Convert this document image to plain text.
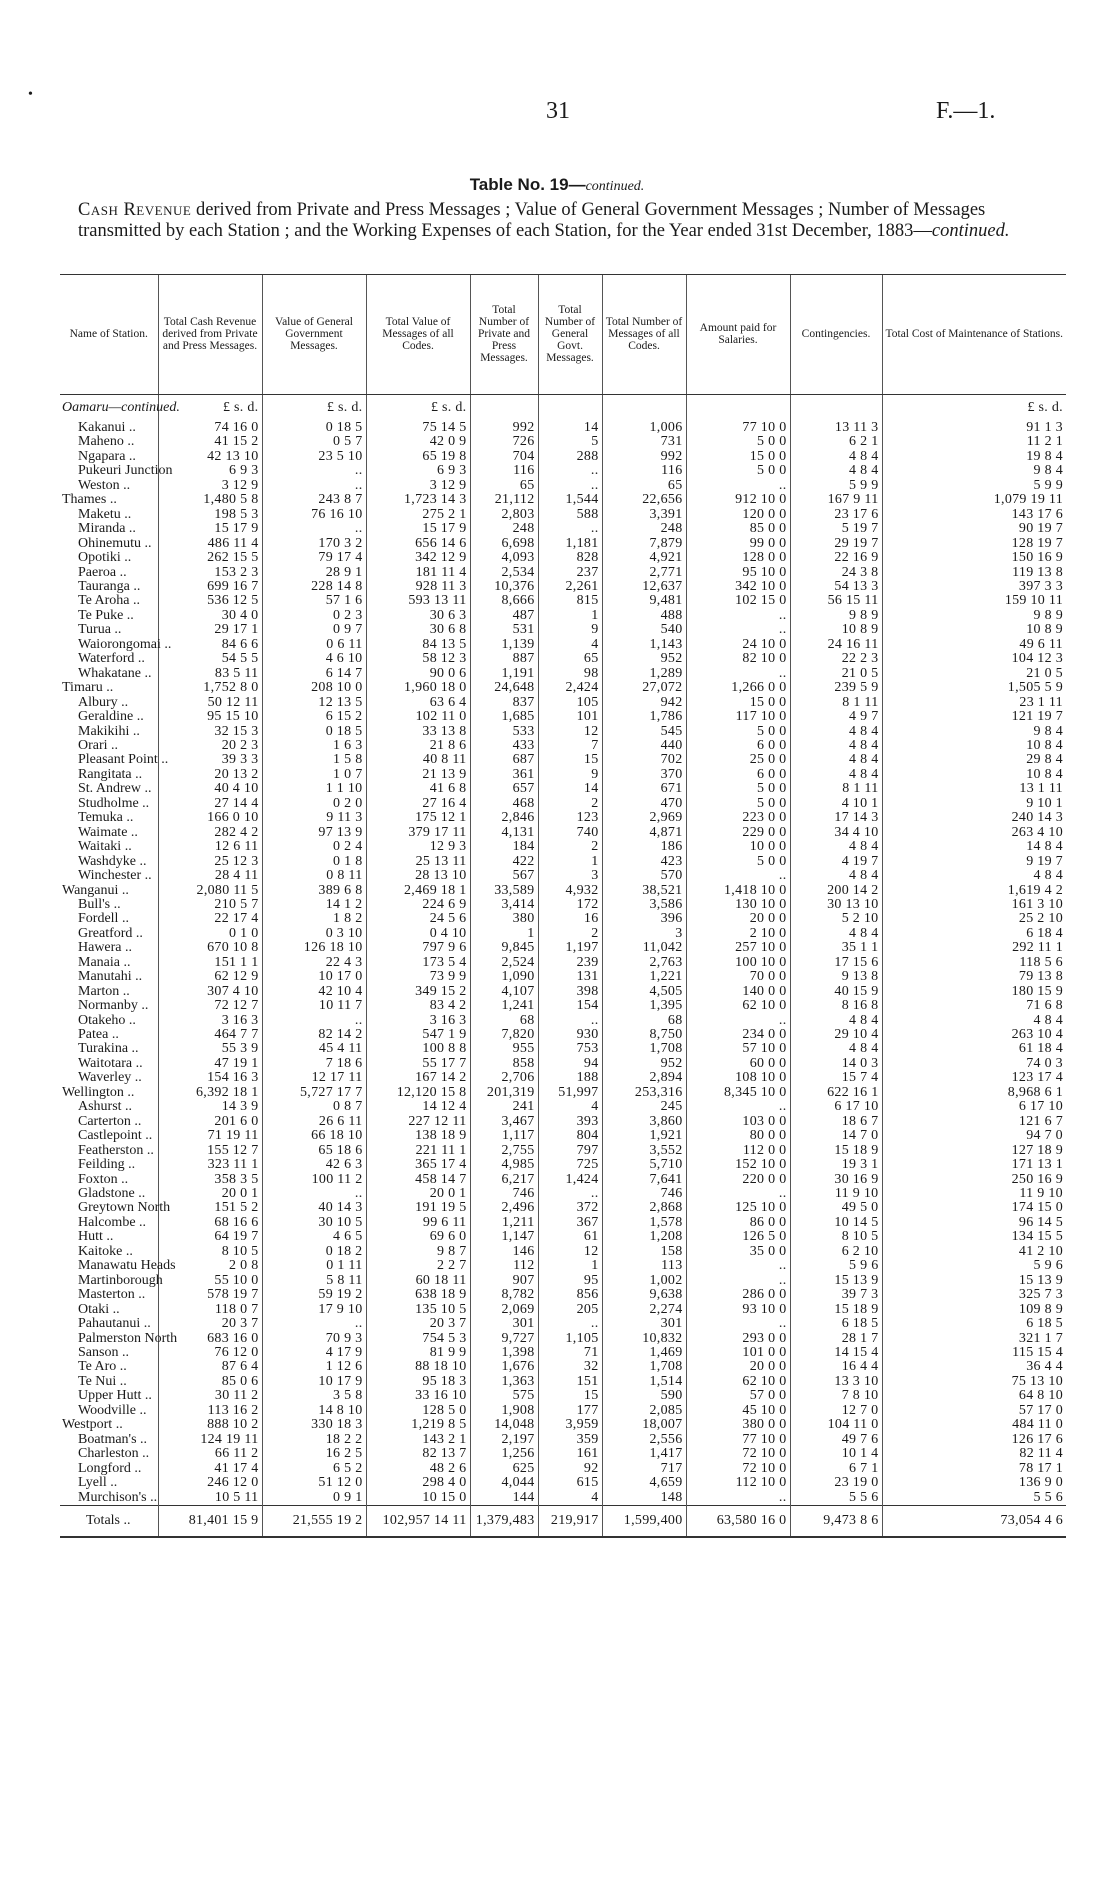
•
31	F.—1.
Table No. 19—continued.
Cash Revenue derived from Private and Press Messages ; Value of General Government Messages ; Number of Messages transmitted by each Station ; and the Working Expenses of each Station, for the Year ended 31st December, 1883—continued.
Name of Station.	Total Cash Revenue derived from Private and Press Messages.	Value of General Government Messages.	Total Value of Messages of all Codes.	Total Number of Private and Press Messages.	Total Number of General Govt. Messages.	Total Number of Messages of all Codes.	Amount paid for Salaries.	Contingencies.	Total Cost of Maintenance of Stations.
Oamaru—continued.	£ s. d.	£ s. d.	£ s. d.						£ s. d.
Kakanui ..	74 16 0	0 18 5	75 14 5	992	14	1,006	77 10 0	13 11 3	91 1 3
Maheno ..	41 15 2	0 5 7	42 0 9	726	5	731	5 0 0	6 2 1	11 2 1
Ngapara ..	42 13 10	23 5 10	65 19 8	704	288	992	15 0 0	4 8 4	19 8 4
Pukeuri Junction	6 9 3	..	6 9 3	116	..	116	5 0 0	4 8 4	9 8 4
Weston ..	3 12 9	..	3 12 9	65	..	65	..	5 9 9	5 9 9
Thames ..	1,480 5 8	243 8 7	1,723 14 3	21,112	1,544	22,656	912 10 0	167 9 11	1,079 19 11
Maketu ..	198 5 3	76 16 10	275 2 1	2,803	588	3,391	120 0 0	23 17 6	143 17 6
Miranda ..	15 17 9	..	15 17 9	248	..	248	85 0 0	5 19 7	90 19 7
Ohinemutu ..	486 11 4	170 3 2	656 14 6	6,698	1,181	7,879	99 0 0	29 19 7	128 19 7
Opotiki ..	262 15 5	79 17 4	342 12 9	4,093	828	4,921	128 0 0	22 16 9	150 16 9
Paeroa ..	153 2 3	28 9 1	181 11 4	2,534	237	2,771	95 10 0	24 3 8	119 13 8
Tauranga ..	699 16 7	228 14 8	928 11 3	10,376	2,261	12,637	342 10 0	54 13 3	397 3 3
Te Aroha ..	536 12 5	57 1 6	593 13 11	8,666	815	9,481	102 15 0	56 15 11	159 10 11
Te Puke ..	30 4 0	0 2 3	30 6 3	487	1	488	..	9 8 9	9 8 9
Turua ..	29 17 1	0 9 7	30 6 8	531	9	540	..	10 8 9	10 8 9
Waiorongomai ..	84 6 6	0 6 11	84 13 5	1,139	4	1,143	24 10 0	24 16 11	49 6 11
Waterford ..	54 5 5	4 6 10	58 12 3	887	65	952	82 10 0	22 2 3	104 12 3
Whakatane ..	83 5 11	6 14 7	90 0 6	1,191	98	1,289	..	21 0 5	21 0 5
Timaru ..	1,752 8 0	208 10 0	1,960 18 0	24,648	2,424	27,072	1,266 0 0	239 5 9	1,505 5 9
Albury ..	50 12 11	12 13 5	63 6 4	837	105	942	15 0 0	8 1 11	23 1 11
Geraldine ..	95 15 10	6 15 2	102 11 0	1,685	101	1,786	117 10 0	4 9 7	121 19 7
Makikihi ..	32 15 3	0 18 5	33 13 8	533	12	545	5 0 0	4 8 4	9 8 4
Orari ..	20 2 3	1 6 3	21 8 6	433	7	440	6 0 0	4 8 4	10 8 4
Pleasant Point ..	39 3 3	1 5 8	40 8 11	687	15	702	25 0 0	4 8 4	29 8 4
Rangitata ..	20 13 2	1 0 7	21 13 9	361	9	370	6 0 0	4 8 4	10 8 4
St. Andrew ..	40 4 10	1 1 10	41 6 8	657	14	671	5 0 0	8 1 11	13 1 11
Studholme ..	27 14 4	0 2 0	27 16 4	468	2	470	5 0 0	4 10 1	9 10 1
Temuka ..	166 0 10	9 11 3	175 12 1	2,846	123	2,969	223 0 0	17 14 3	240 14 3
Waimate ..	282 4 2	97 13 9	379 17 11	4,131	740	4,871	229 0 0	34 4 10	263 4 10
Waitaki ..	12 6 11	0 2 4	12 9 3	184	2	186	10 0 0	4 8 4	14 8 4
Washdyke ..	25 12 3	0 1 8	25 13 11	422	1	423	5 0 0	4 19 7	9 19 7
Winchester ..	28 4 11	0 8 11	28 13 10	567	3	570	..	4 8 4	4 8 4
Wanganui ..	2,080 11 5	389 6 8	2,469 18 1	33,589	4,932	38,521	1,418 10 0	200 14 2	1,619 4 2
Bull's ..	210 5 7	14 1 2	224 6 9	3,414	172	3,586	130 10 0	30 13 10	161 3 10
Fordell ..	22 17 4	1 8 2	24 5 6	380	16	396	20 0 0	5 2 10	25 2 10
Greatford ..	0 1 0	0 3 10	0 4 10	1	2	3	2 10 0	4 8 4	6 18 4
Hawera ..	670 10 8	126 18 10	797 9 6	9,845	1,197	11,042	257 10 0	35 1 1	292 11 1
Manaia ..	151 1 1	22 4 3	173 5 4	2,524	239	2,763	100 10 0	17 15 6	118 5 6
Manutahi ..	62 12 9	10 17 0	73 9 9	1,090	131	1,221	70 0 0	9 13 8	79 13 8
Marton ..	307 4 10	42 10 4	349 15 2	4,107	398	4,505	140 0 0	40 15 9	180 15 9
Normanby ..	72 12 7	10 11 7	83 4 2	1,241	154	1,395	62 10 0	8 16 8	71 6 8
Otakeho ..	3 16 3	..	3 16 3	68	..	68	..	4 8 4	4 8 4
Patea ..	464 7 7	82 14 2	547 1 9	7,820	930	8,750	234 0 0	29 10 4	263 10 4
Turakina ..	55 3 9	45 4 11	100 8 8	955	753	1,708	57 10 0	4 8 4	61 18 4
Waitotara ..	47 19 1	7 18 6	55 17 7	858	94	952	60 0 0	14 0 3	74 0 3
Waverley ..	154 16 3	12 17 11	167 14 2	2,706	188	2,894	108 10 0	15 7 4	123 17 4
Wellington ..	6,392 18 1	5,727 17 7	12,120 15 8	201,319	51,997	253,316	8,345 10 0	622 16 1	8,968 6 1
Ashurst ..	14 3 9	0 8 7	14 12 4	241	4	245	..	6 17 10	6 17 10
Carterton ..	201 6 0	26 6 11	227 12 11	3,467	393	3,860	103 0 0	18 6 7	121 6 7
Castlepoint ..	71 19 11	66 18 10	138 18 9	1,117	804	1,921	80 0 0	14 7 0	94 7 0
Featherston ..	155 12 7	65 18 6	221 11 1	2,755	797	3,552	112 0 0	15 18 9	127 18 9
Feilding ..	323 11 1	42 6 3	365 17 4	4,985	725	5,710	152 10 0	19 3 1	171 13 1
Foxton ..	358 3 5	100 11 2	458 14 7	6,217	1,424	7,641	220 0 0	30 16 9	250 16 9
Gladstone ..	20 0 1	..	20 0 1	746	..	746	..	11 9 10	11 9 10
Greytown North	151 5 2	40 14 3	191 19 5	2,496	372	2,868	125 10 0	49 5 0	174 15 0
Halcombe ..	68 16 6	30 10 5	99 6 11	1,211	367	1,578	86 0 0	10 14 5	96 14 5
Hutt ..	64 19 7	4 6 5	69 6 0	1,147	61	1,208	126 5 0	8 10 5	134 15 5
Kaitoke ..	8 10 5	0 18 2	9 8 7	146	12	158	35 0 0	6 2 10	41 2 10
Manawatu Heads	2 0 8	0 1 11	2 2 7	112	1	113	..	5 9 6	5 9 6
Martinborough	55 10 0	5 8 11	60 18 11	907	95	1,002	..	15 13 9	15 13 9
Masterton ..	578 19 7	59 19 2	638 18 9	8,782	856	9,638	286 0 0	39 7 3	325 7 3
Otaki ..	118 0 7	17 9 10	135 10 5	2,069	205	2,274	93 10 0	15 18 9	109 8 9
Pahautanui ..	20 3 7	..	20 3 7	301	..	301	..	6 18 5	6 18 5
Palmerston North	683 16 0	70 9 3	754 5 3	9,727	1,105	10,832	293 0 0	28 1 7	321 1 7
Sanson ..	76 12 0	4 17 9	81 9 9	1,398	71	1,469	101 0 0	14 15 4	115 15 4
Te Aro ..	87 6 4	1 12 6	88 18 10	1,676	32	1,708	20 0 0	16 4 4	36 4 4
Te Nui ..	85 0 6	10 17 9	95 18 3	1,363	151	1,514	62 10 0	13 3 10	75 13 10
Upper Hutt ..	30 11 2	3 5 8	33 16 10	575	15	590	57 0 0	7 8 10	64 8 10
Woodville ..	113 16 2	14 8 10	128 5 0	1,908	177	2,085	45 10 0	12 7 0	57 17 0
Westport ..	888 10 2	330 18 3	1,219 8 5	14,048	3,959	18,007	380 0 0	104 11 0	484 11 0
Boatman's ..	124 19 11	18 2 2	143 2 1	2,197	359	2,556	77 10 0	49 7 6	126 17 6
Charleston ..	66 11 2	16 2 5	82 13 7	1,256	161	1,417	72 10 0	10 1 4	82 11 4
Longford ..	41 17 4	6 5 2	48 2 6	625	92	717	72 10 0	6 7 1	78 17 1
Lyell ..	246 12 0	51 12 0	298 4 0	4,044	615	4,659	112 10 0	23 19 0	136 9 0
Murchison's ..	10 5 11	0 9 1	10 15 0	144	4	148	..	5 5 6	5 5 6
Totals ..	81,401 15 9	21,555 19 2	102,957 14 11	1,379,483	219,917	1,599,400	63,580 16 0	9,473 8 6	73,054 4 6
